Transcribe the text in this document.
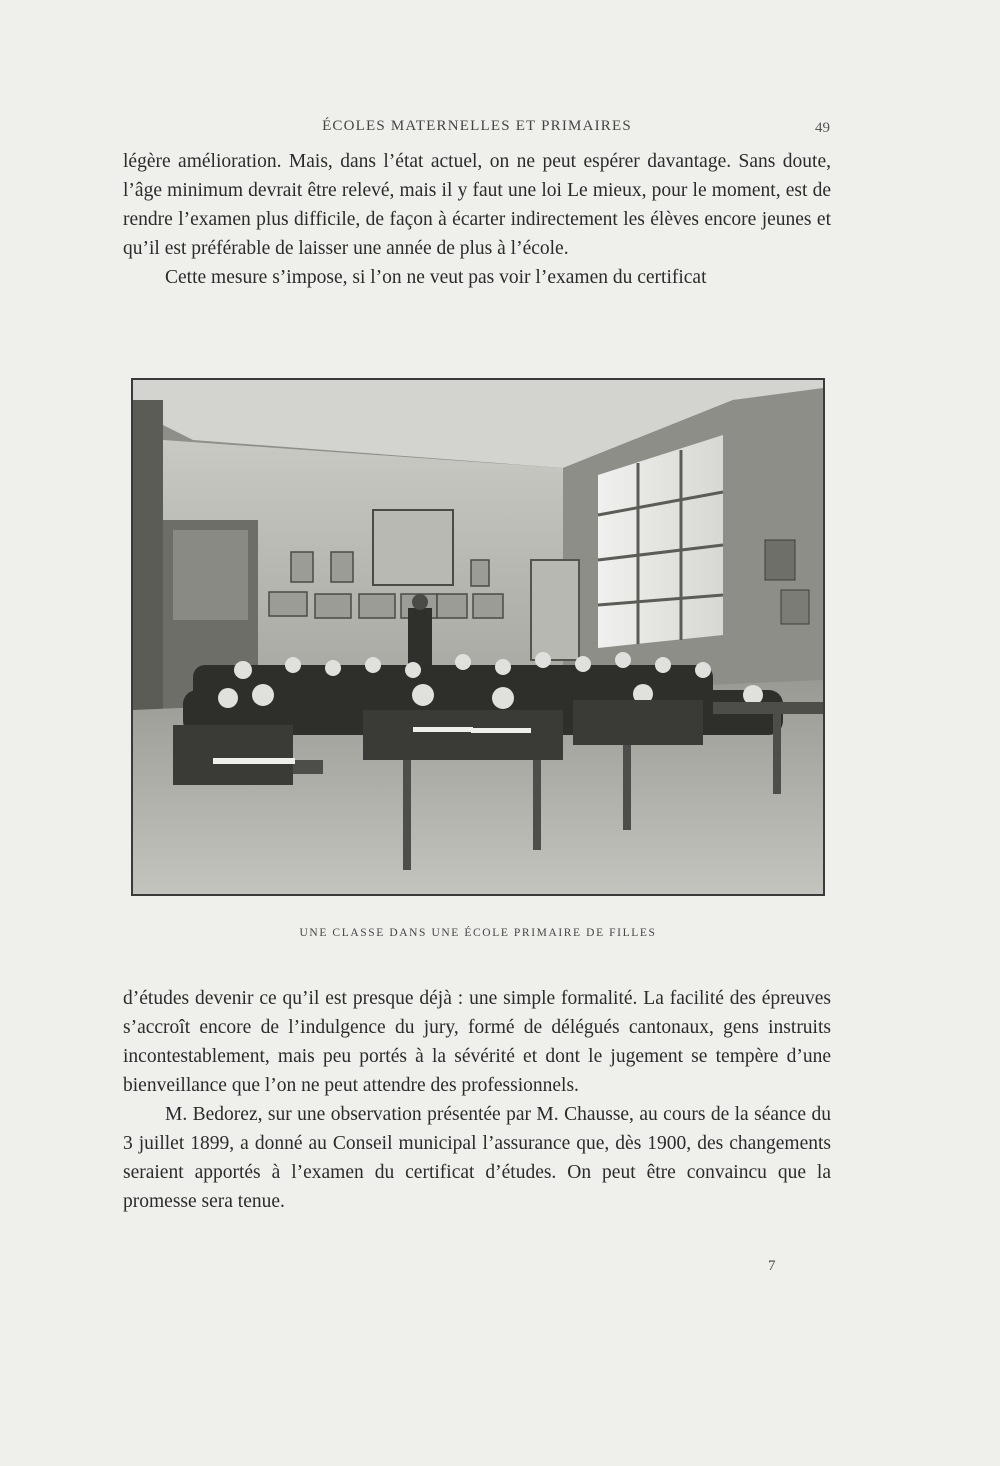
ÉCOLES MATERNELLES ET PRIMAIRES	49

légère amélioration. Mais, dans l’état actuel, on ne peut espérer davantage. Sans doute, l’âge minimum devrait être relevé, mais il y faut une loi Le mieux, pour le moment, est de rendre l’examen plus difficile, de façon à écarter indirectement les élèves encore jeunes et qu’il est préférable de laisser une année de plus à l’école.

Cette mesure s’impose, si l’on ne veut pas voir l’examen du certificat

UNE CLASSE DANS UNE ÉCOLE PRIMAIRE DE FILLES

d’études devenir ce qu’il est presque déjà : une simple formalité. La facilité des épreuves s’accroît encore de l’indulgence du jury, formé de délégués cantonaux, gens instruits incontestablement, mais peu portés à la sévérité et dont le jugement se tempère d’une bienveillance que l’on ne peut attendre des professionnels.

M. Bedorez, sur une observation présentée par M. Chausse, au cours de la séance du 3 juillet 1899, a donné au Conseil municipal l’assurance que, dès 1900, des changements seraient apportés à l’examen du certificat d’études. On peut être convaincu que la promesse sera tenue.

7
